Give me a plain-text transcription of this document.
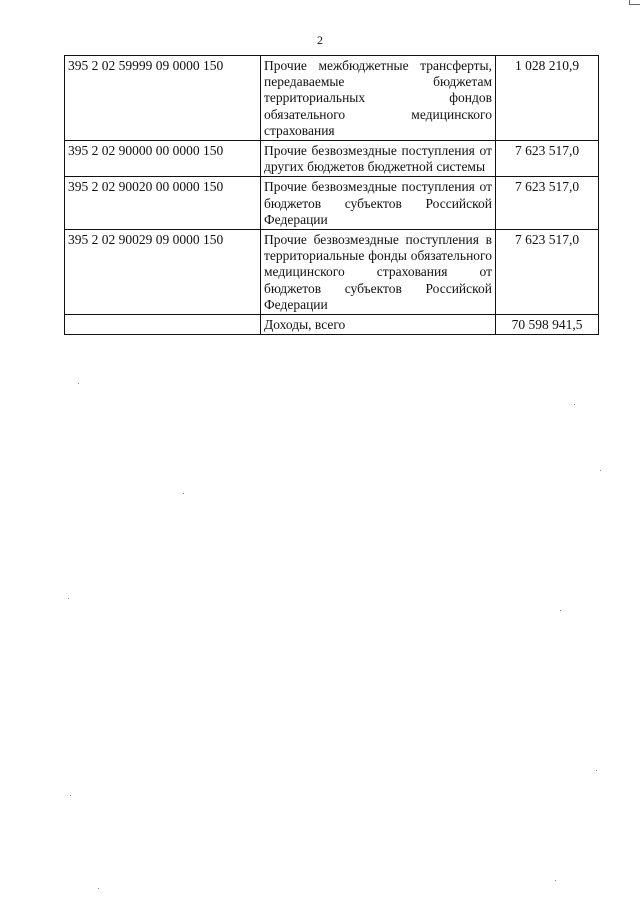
2
395 2 02 59999 09 0000 150	Прочие межбюджетные трансферты, передаваемые бюджетам территориальных фондов обязательного медицинского страхования	1 028 210,9
395 2 02 90000 00 0000 150	Прочие безвозмездные поступления от других бюджетов бюджетной системы	7 623 517,0
395 2 02 90020 00 0000 150	Прочие безвозмездные поступления от бюджетов субъектов Российской Федерации	7 623 517,0
395 2 02 90029 09 0000 150	Прочие безвозмездные поступления в территориальные фонды обязательного медицинского страхования от бюджетов субъектов Российской Федерации	7 623 517,0
	Доходы, всего	70 598 941,5
